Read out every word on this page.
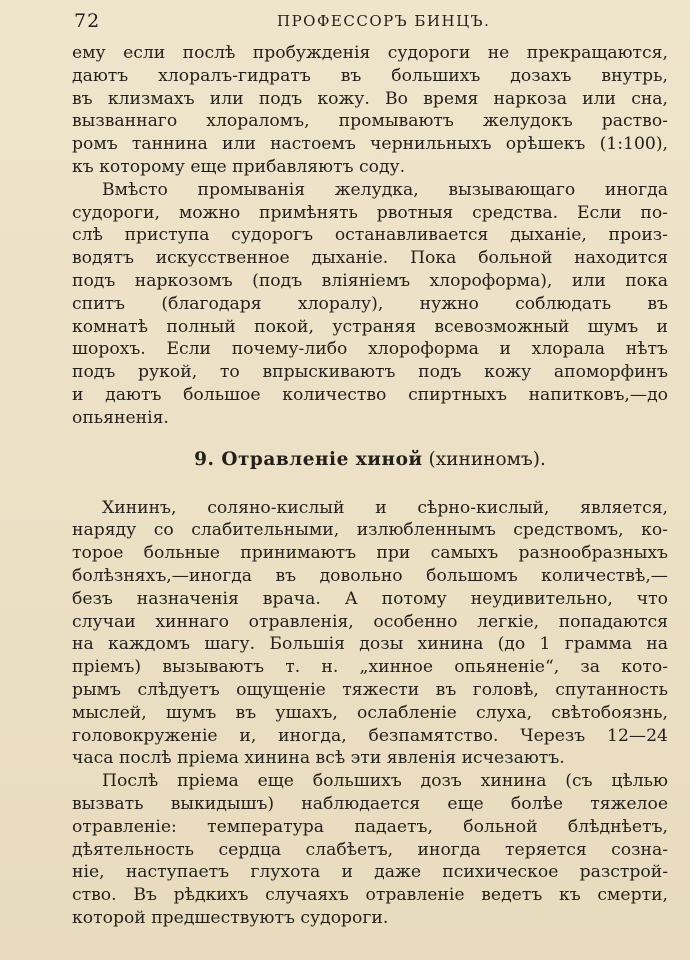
72	ПРОФЕССОРЪ БИНЦЪ.
ему если послѣ пробужденія судороги не прекращаются,
даютъ хлоралъ-гидратъ въ большихъ дозахъ внутрь,
въ клизмахъ или подъ кожу. Во время наркоза или сна,
вызваннаго хлораломъ, промываютъ желудокъ раство-
ромъ таннина или настоемъ чернильныхъ орѣшекъ (1:100),
къ которому еще прибавляютъ соду.
Вмѣсто промыванія желудка, вызывающаго иногда
судороги, можно примѣнять рвотныя средства. Если по-
слѣ приступа судорогъ останавливается дыханіе, произ-
водятъ искусственное дыханіе. Пока больной находится
подъ наркозомъ (подъ вліяніемъ хлороформа), или пока
спитъ (благодаря хлоралу), нужно соблюдать въ
комнатѣ полный покой, устраняя всевозможный шумъ и
шорохъ. Если почему-либо хлороформа и хлорала нѣтъ
подъ рукой, то впрыскиваютъ подъ кожу апоморфинъ
и даютъ большое количество спиртныхъ напитковъ,—до
опьяненія.
9. Отравленіе хиной (хининомъ).
Хининъ, соляно-кислый и сѣрно-кислый, является,
наряду со слабительными, излюбленнымъ средствомъ, ко-
торое больные принимаютъ при самыхъ разнообразныхъ
болѣзняхъ,—иногда въ довольно большомъ количествѣ,—
безъ назначенія врача. А потому неудивительно, что
случаи хиннаго отравленія, особенно легкіе, попадаются
на каждомъ шагу. Большія дозы хинина (до 1 грамма на
пріемъ) вызываютъ т. н. „хинное опьяненіе“, за кото-
рымъ слѣдуетъ ощущеніе тяжести въ головѣ, спутанность
мыслей, шумъ въ ушахъ, ослабленіе слуха, свѣтобоязнь,
головокруженіе и, иногда, безпамятство. Черезъ 12—24
часа послѣ пріема хинина всѣ эти явленія исчезаютъ.
Послѣ пріема еще большихъ дозъ хинина (съ цѣлью
вызвать выкидышъ) наблюдается еще болѣе тяжелое
отравленіе: температура падаетъ, больной блѣднѣетъ,
дѣятельность сердца слабѣетъ, иногда теряется созна-
ніе, наступаетъ глухота и даже психическое разстрой-
ство. Въ рѣдкихъ случаяхъ отравленіе ведетъ къ смерти,
которой предшествуютъ судороги.
